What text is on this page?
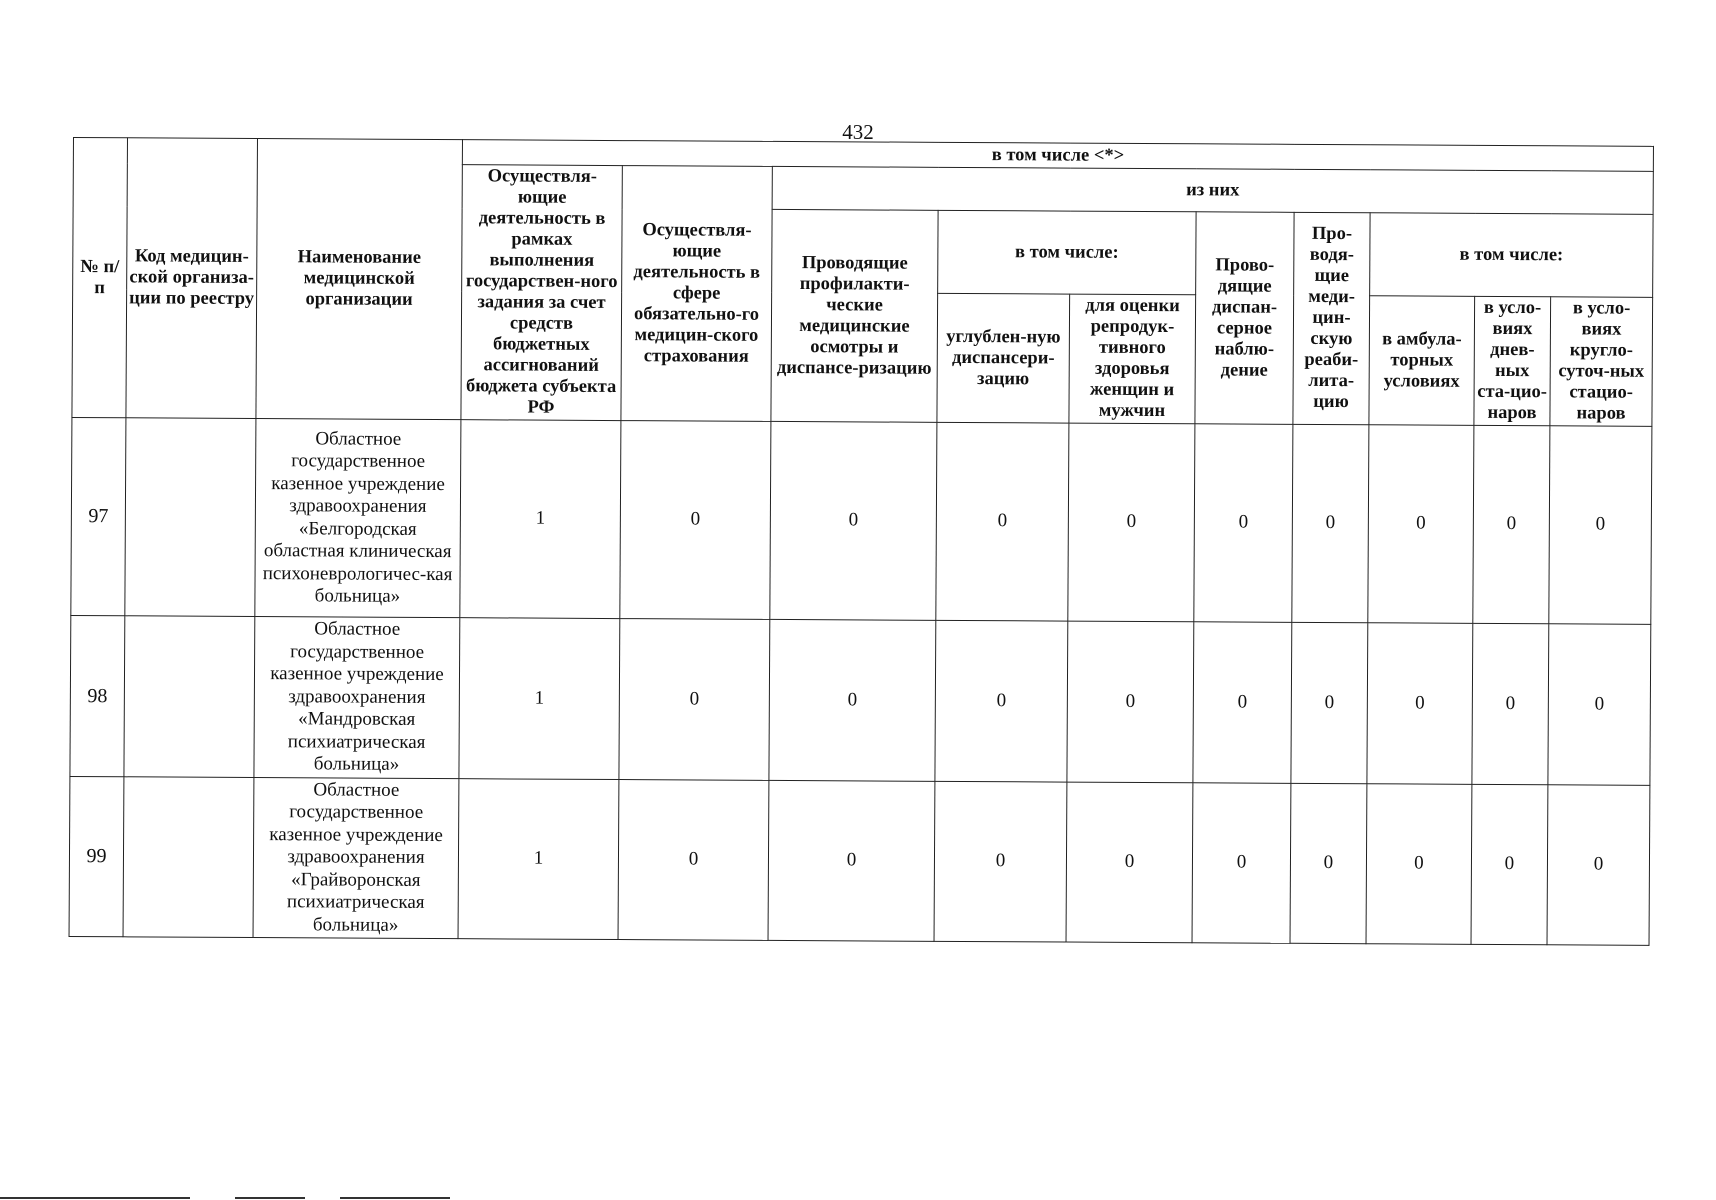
432
№ п/п	Код медицин-ской организа-ции по реестру	Наименование медицинской организации	в том числе <*>									
			Осуществля-ющие деятельность в рамках выполнения государствен-ного задания за счет средств бюджетных ассигнований бюджета субъекта РФ	Осуществля-ющие деятельность в сфере обязательно-го медицин-ского страхования	из них							
					Проводящие профилакти-ческие медицинские осмотры и диспансе-ризацию	в том числе:		Прово-дящие диспан-серное наблю-дение	Про-водя-щие меди-цин-скую реаби-лита-цию	в том числе:		
						углублен-ную диспансери-зацию	для оценки репродук-тивного здоровья женщин и мужчин			в амбула-торных условиях	в усло-виях днев-ных ста-цио-наров	в усло-виях кругло-суточ-ных стацио-наров
97		Областное государственное казенное учреждение здравоохранения «Белгородская областная клиническая психоневрологичес-кая больница»	1	0	0	0	0	0	0	0	0	0
98		Областное государственное казенное учреждение здравоохранения «Мандровская психиатрическая больница»	1	0	0	0	0	0	0	0	0	0
99		Областное государственное казенное учреждение здравоохранения «Грайворонская психиатрическая больница»	1	0	0	0	0	0	0	0	0	0
